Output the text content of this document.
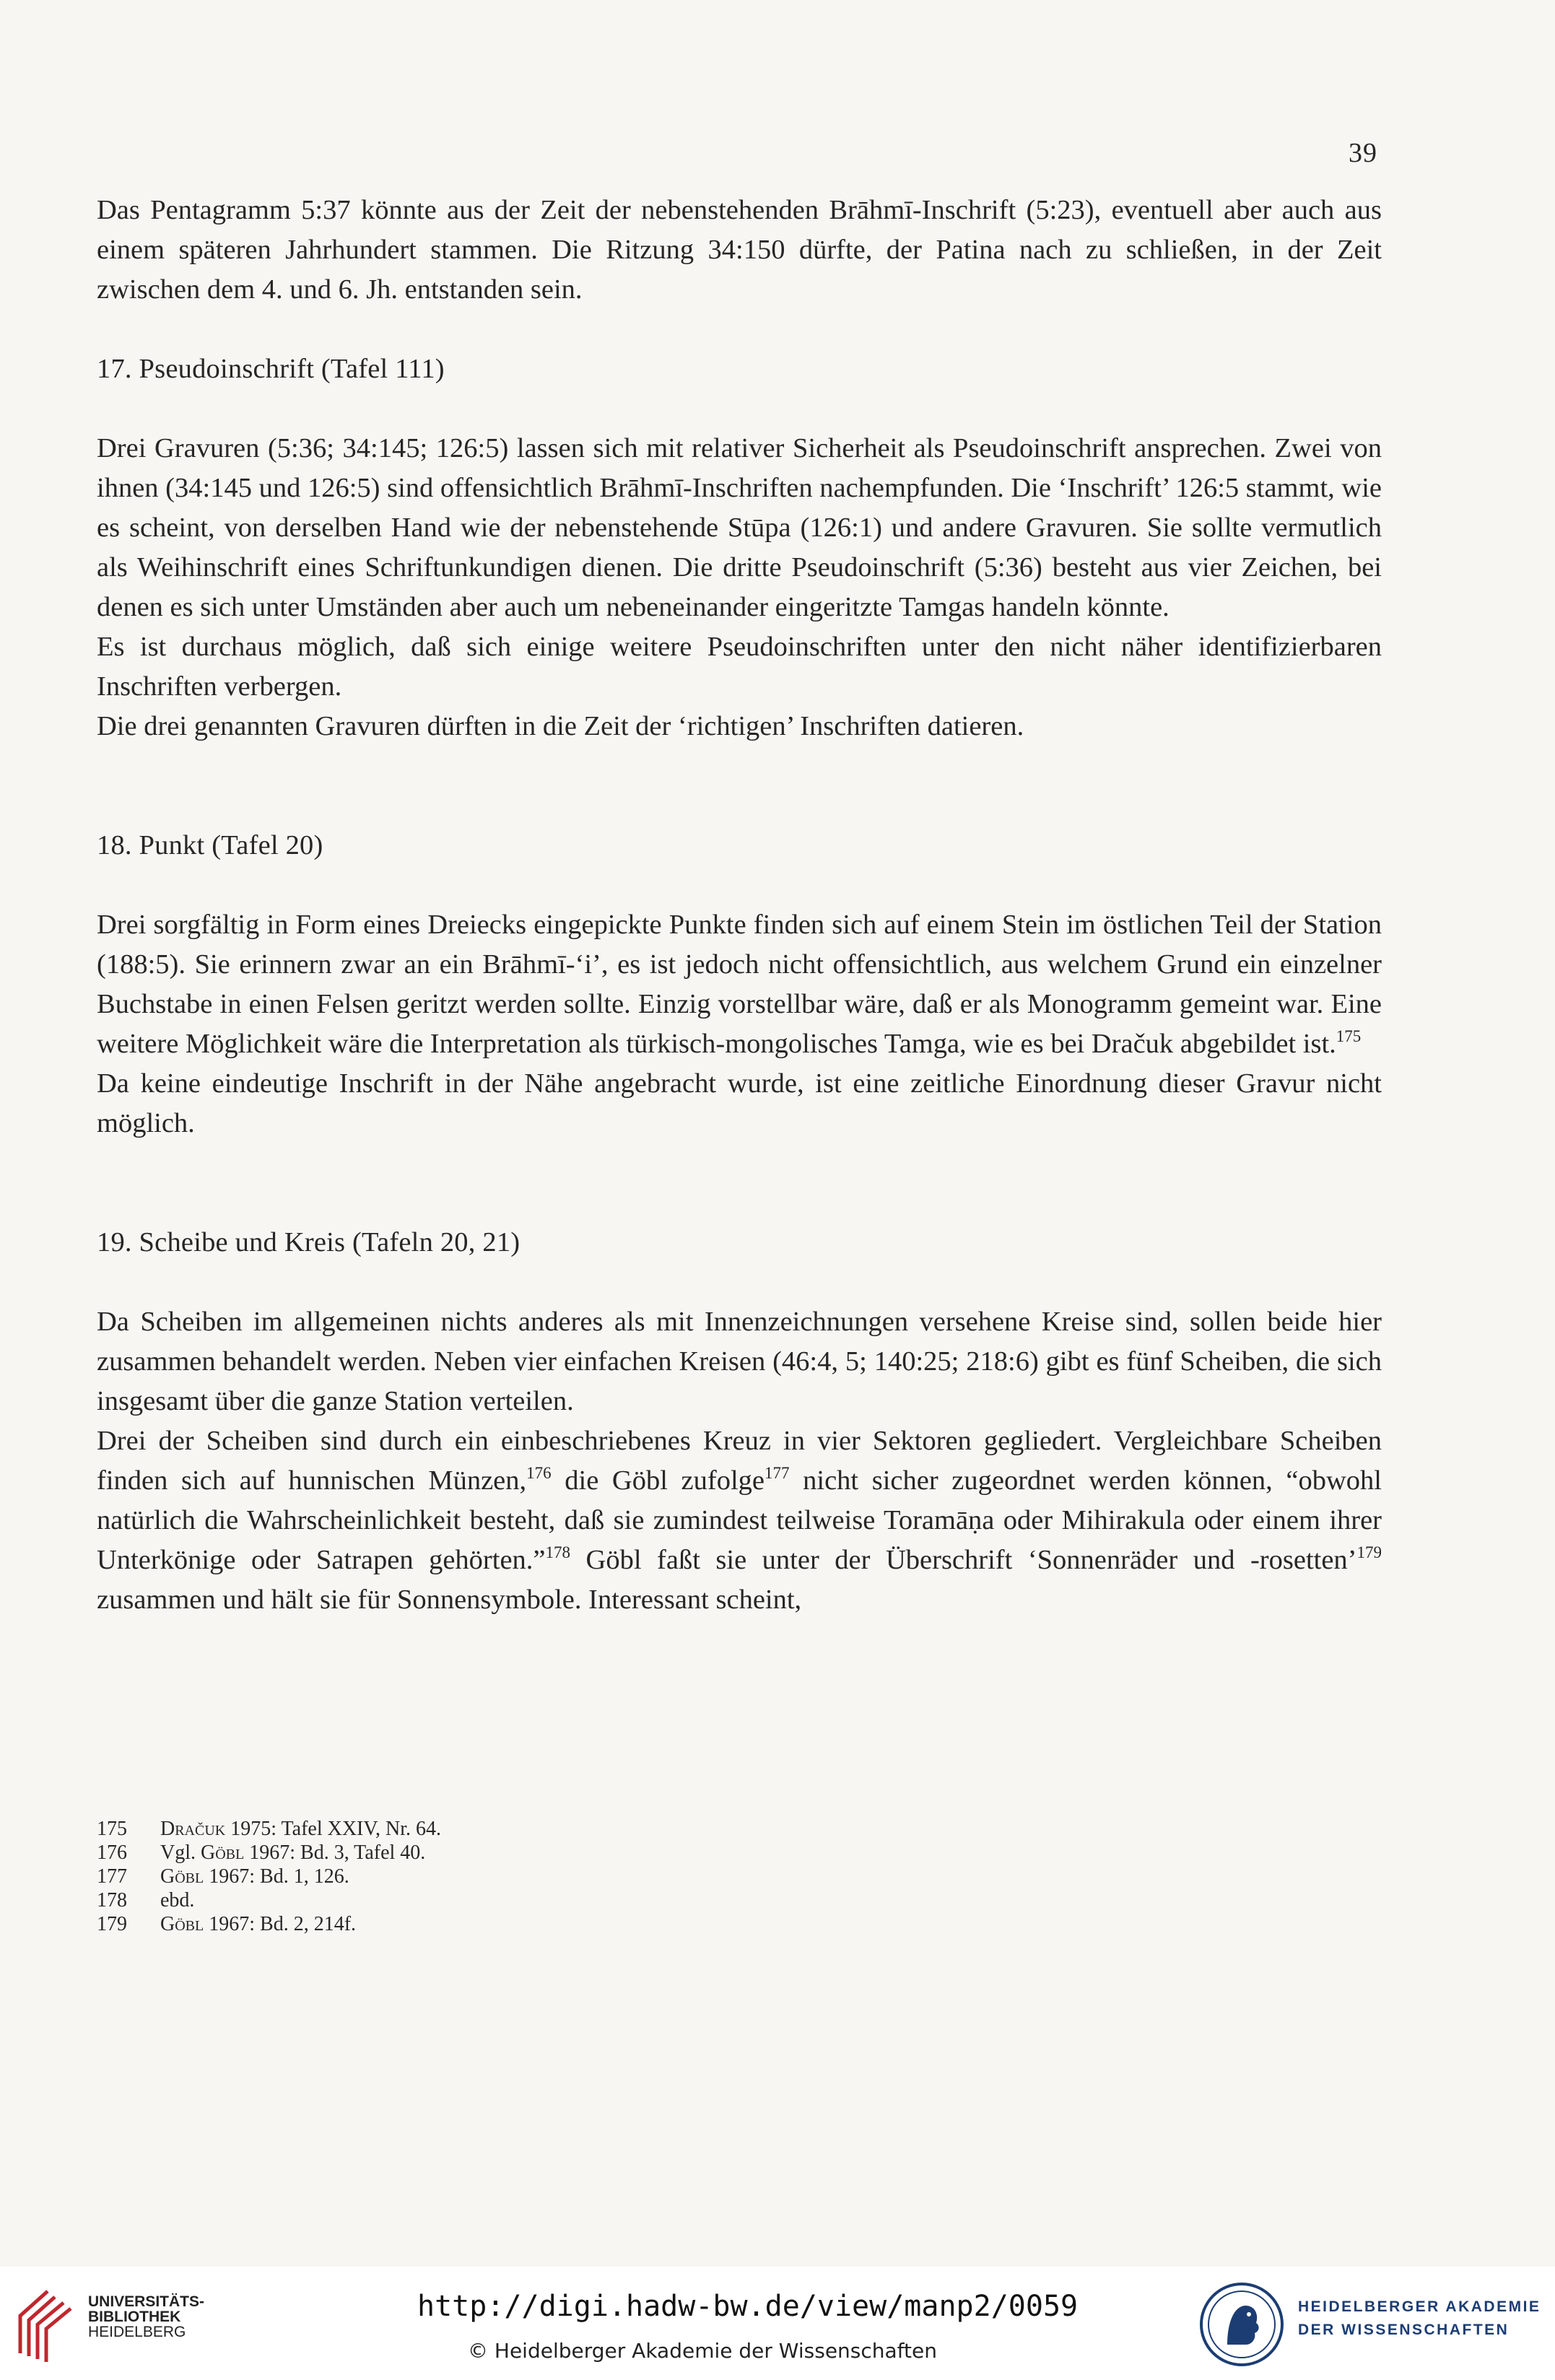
39

Das Pentagramm 5:37 könnte aus der Zeit der nebenstehenden Brāhmī-Inschrift (5:23), eventuell aber auch aus einem späteren Jahrhundert stammen. Die Ritzung 34:150 dürfte, der Patina nach zu schließen, in der Zeit zwischen dem 4. und 6. Jh. entstanden sein.

17. Pseudoinschrift (Tafel 111)

Drei Gravuren (5:36; 34:145; 126:5) lassen sich mit relativer Sicherheit als Pseudoinschrift ansprechen. Zwei von ihnen (34:145 und 126:5) sind offensichtlich Brāhmī-Inschriften nachempfunden. Die ‘Inschrift’ 126:5 stammt, wie es scheint, von derselben Hand wie der nebenstehende Stūpa (126:1) und andere Gravuren. Sie sollte vermutlich als Weihinschrift eines Schriftunkundigen dienen. Die dritte Pseudoinschrift (5:36) besteht aus vier Zeichen, bei denen es sich unter Umständen aber auch um nebeneinander eingeritzte Tamgas handeln könnte.

Es ist durchaus möglich, daß sich einige weitere Pseudoinschriften unter den nicht näher identifizierbaren Inschriften verbergen.

Die drei genannten Gravuren dürften in die Zeit der ‘richtigen’ Inschriften datieren.

18. Punkt (Tafel 20)

Drei sorgfältig in Form eines Dreiecks eingepickte Punkte finden sich auf einem Stein im östlichen Teil der Station (188:5). Sie erinnern zwar an ein Brāhmī-‘i’, es ist jedoch nicht offensichtlich, aus welchem Grund ein einzelner Buchstabe in einen Felsen geritzt werden sollte. Einzig vorstellbar wäre, daß er als Monogramm gemeint war. Eine weitere Möglichkeit wäre die Interpretation als türkisch-mongolisches Tamga, wie es bei Dračuk abgebildet ist.$^{175}$

Da keine eindeutige Inschrift in der Nähe angebracht wurde, ist eine zeitliche Einordnung dieser Gravur nicht möglich.

19. Scheibe und Kreis (Tafeln 20, 21)

Da Scheiben im allgemeinen nichts anderes als mit Innenzeichnungen versehene Kreise sind, sollen beide hier zusammen behandelt werden. Neben vier einfachen Kreisen (46:4, 5; 140:25; 218:6) gibt es fünf Scheiben, die sich insgesamt über die ganze Station verteilen.

Drei der Scheiben sind durch ein einbeschriebenes Kreuz in vier Sektoren gegliedert. Vergleichbare Scheiben finden sich auf hunnischen Münzen,$^{176}$ die Göbl zufolge$^{177}$ nicht sicher zugeordnet werden können, “obwohl natürlich die Wahrscheinlichkeit besteht, daß sie zumindest teilweise Toramāṇa oder Mihirakula oder einem ihrer Unterkönige oder Satrapen gehörten.”$^{178}$ Göbl faßt sie unter der Überschrift ‘Sonnenräder und -rosetten’$^{179}$ zusammen und hält sie für Sonnensymbole. Interessant scheint,

175	Dračuk 1975: Tafel XXIV, Nr. 64.
176	Vgl. Göbl 1967: Bd. 3, Tafel 40.
177	Göbl 1967: Bd. 1, 126.
178	ebd.
179	Göbl 1967: Bd. 2, 214f.
UNIVERSITÄTS-
BIBLIOTHEK
HEIDELBERG
http://digi.hadw-bw.de/view/manp2/0059
© Heidelberger Akademie der Wissenschaften
HEIDELBERGER AKADEMIE
DER WISSENSCHAFTEN
